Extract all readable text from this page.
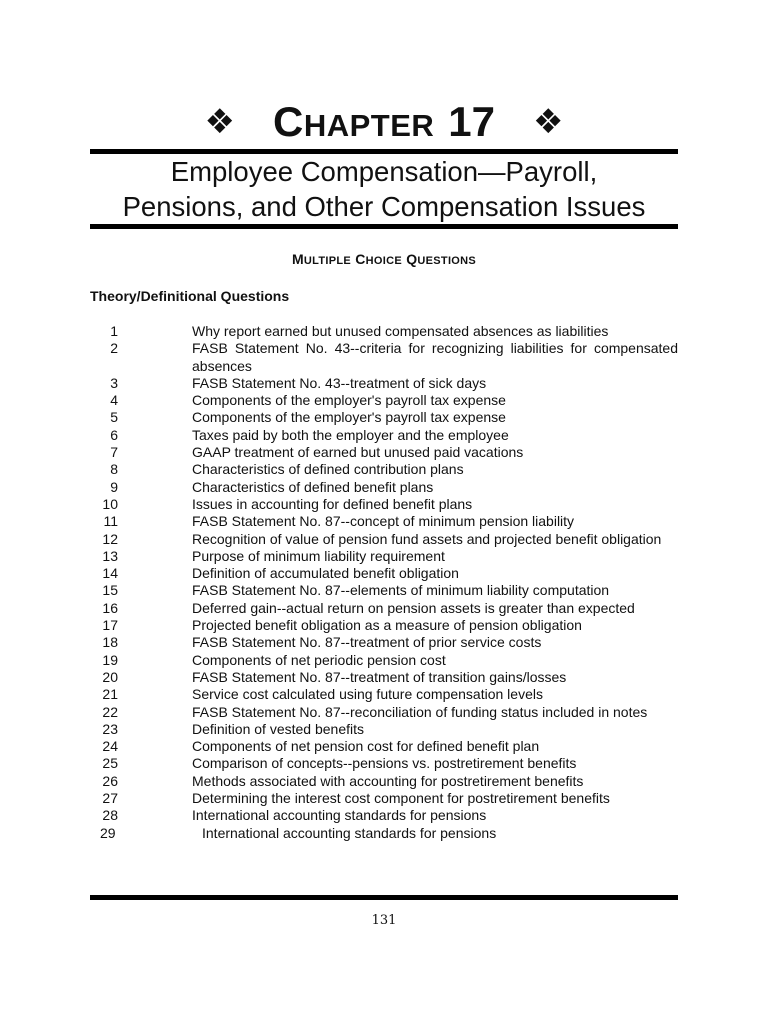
❖ CHAPTER 17 ❖
Employee Compensation—Payroll,
Pensions, and Other Compensation Issues
MULTIPLE CHOICE QUESTIONS
Theory/Definitional Questions
1	Why report earned but unused compensated absences as liabilities
2	FASB Statement No. 43--criteria for recognizing liabilities for compensated absences
3	FASB Statement No. 43--treatment of sick days
4	Components of the employer's payroll tax expense
5	Components of the employer's payroll tax expense
6	Taxes paid by both the employer and the employee
7	GAAP treatment of earned but unused paid vacations
8	Characteristics of defined contribution plans
9	Characteristics of defined benefit plans
10	Issues in accounting for defined benefit plans
11	FASB Statement No. 87--concept of minimum pension liability
12	Recognition of value of pension fund assets and projected benefit obligation
13	Purpose of minimum liability requirement
14	Definition of accumulated benefit obligation
15	FASB Statement No. 87--elements of minimum liability computation
16	Deferred gain--actual return on pension assets is greater than expected
17	Projected benefit obligation as a measure of pension obligation
18	FASB Statement No. 87--treatment of prior service costs
19	Components of net periodic pension cost
20	FASB Statement No. 87--treatment of transition gains/losses
21	Service cost calculated using future compensation levels
22	FASB Statement No. 87--reconciliation of funding status included in notes
23	Definition of vested benefits
24	Components of net pension cost for defined benefit plan
25	Comparison of concepts--pensions vs. postretirement benefits
26	Methods associated with accounting for postretirement benefits
27	Determining the interest cost component for postretirement benefits
28	International accounting standards for pensions
29	International accounting standards for pensions
131
